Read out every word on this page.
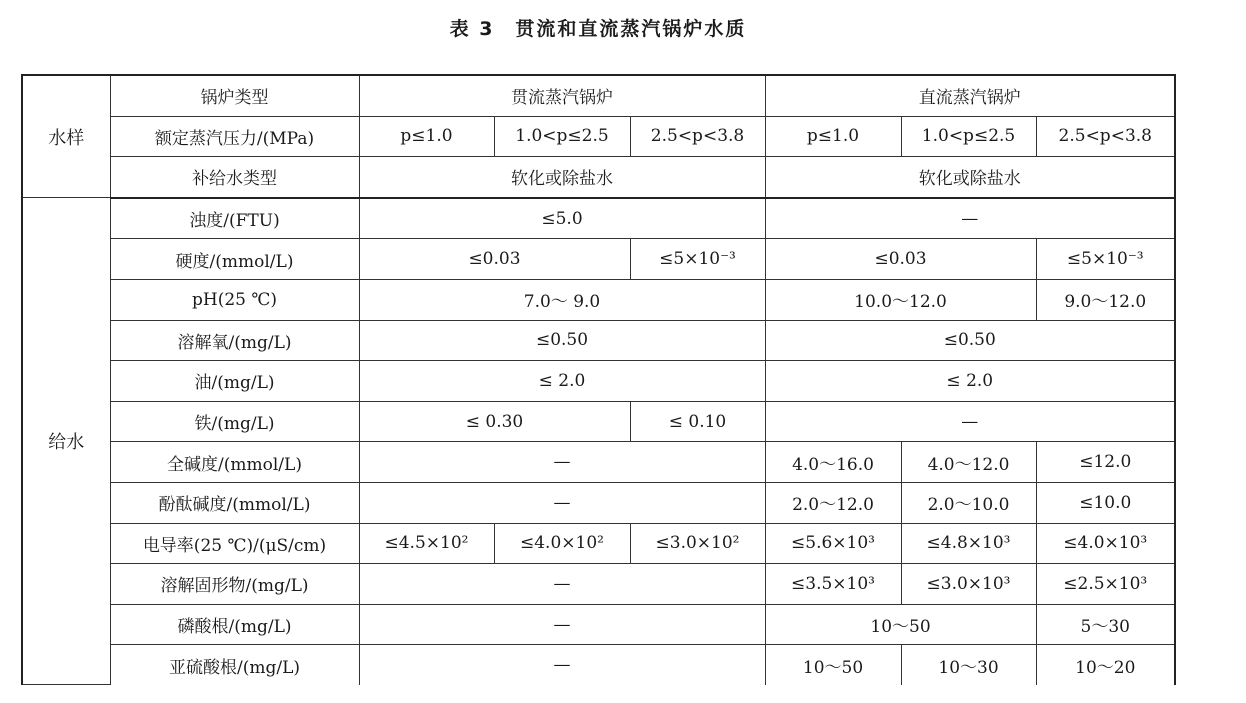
表 3　贯流和直流蒸汽锅炉水质
水样	锅炉类型	贯流蒸汽锅炉			直流蒸汽锅炉		
	额定蒸汽压力/(MPa)	p≤1.0	1.0<p≤2.5	2.5<p<3.8	p≤1.0	1.0<p≤2.5	2.5<p<3.8
	补给水类型	软化或除盐水			软化或除盐水		
给水	浊度/(FTU)	≤5.0			—		
	硬度/(mmol/L)	≤0.03		≤5×10⁻³	≤0.03		≤5×10⁻³
	pH(25 ℃)	7.0～ 9.0			10.0～12.0		9.0～12.0
	溶解氧/(mg/L)	≤0.50			≤0.50		
	油/(mg/L)	≤ 2.0			≤ 2.0		
	铁/(mg/L)	≤ 0.30		≤ 0.10	—		
	全碱度/(mmol/L)	—			4.0～16.0	4.0～12.0	≤12.0
	酚酞碱度/(mmol/L)	—			2.0～12.0	2.0～10.0	≤10.0
	电导率(25 ℃)/(μS/cm)	≤4.5×10²	≤4.0×10²	≤3.0×10²	≤5.6×10³	≤4.8×10³	≤4.0×10³
	溶解固形物/(mg/L)	—			≤3.5×10³	≤3.0×10³	≤2.5×10³
	磷酸根/(mg/L)	—			10～50		5～30
	亚硫酸根/(mg/L)	—			10～50	10～30	10～20
